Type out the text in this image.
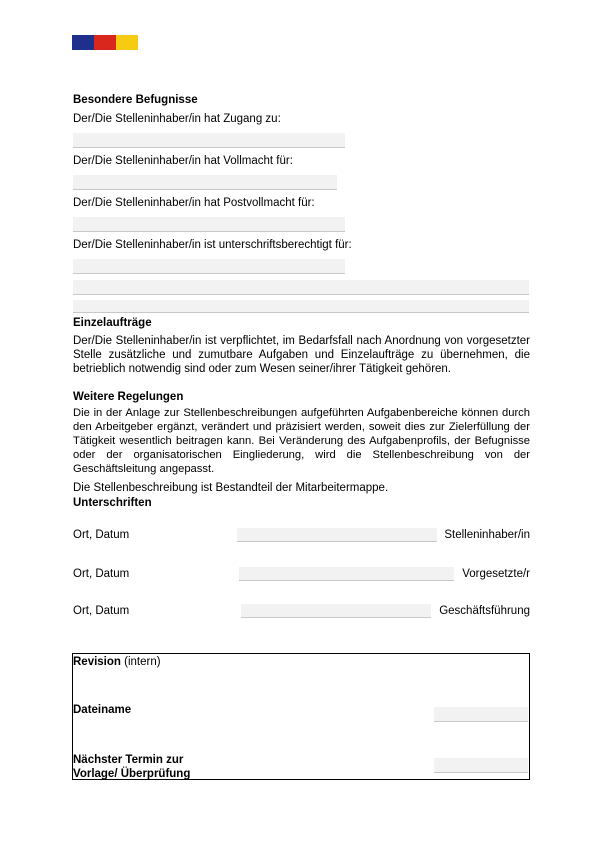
Besondere Befugnisse
Der/Die Stelleninhaber/in hat Zugang zu:
Der/Die Stelleninhaber/in hat Vollmacht für:
Der/Die Stelleninhaber/in hat Postvollmacht für:
Der/Die Stelleninhaber/in ist unterschriftsberechtigt für:
Einzelaufträge
Der/Die Stelleninhaber/in ist verpflichtet, im Bedarfsfall nach Anordnung von vorgesetzter Stelle zusätzliche und zumutbare Aufgaben und Einzelaufträge zu übernehmen, die betrieblich notwendig sind oder zum Wesen seiner/ihrer Tätigkeit gehören.
Weitere Regelungen
Die in der Anlage zur Stellenbeschreibungen aufgeführten Aufgabenbereiche können durch den Arbeitgeber ergänzt, verändert und präzisiert werden, soweit dies zur Zielerfüllung der Tätigkeit wesentlich beitragen kann. Bei Veränderung des Aufgabenprofils, der Befugnisse oder der organisatorischen Eingliederung, wird die Stellenbeschreibung von der Geschäftsleitung angepasst.
Die Stellenbeschreibung ist Bestandteil der Mitarbeitermappe.
Unterschriften
Ort, Datum	Stelleninhaber/in
Ort, Datum	Vorgesetzte/r
Ort, Datum	Geschäftsführung
Revision (intern)
Dateiname
Nächster Termin zur
Vorlage/ Überprüfung
